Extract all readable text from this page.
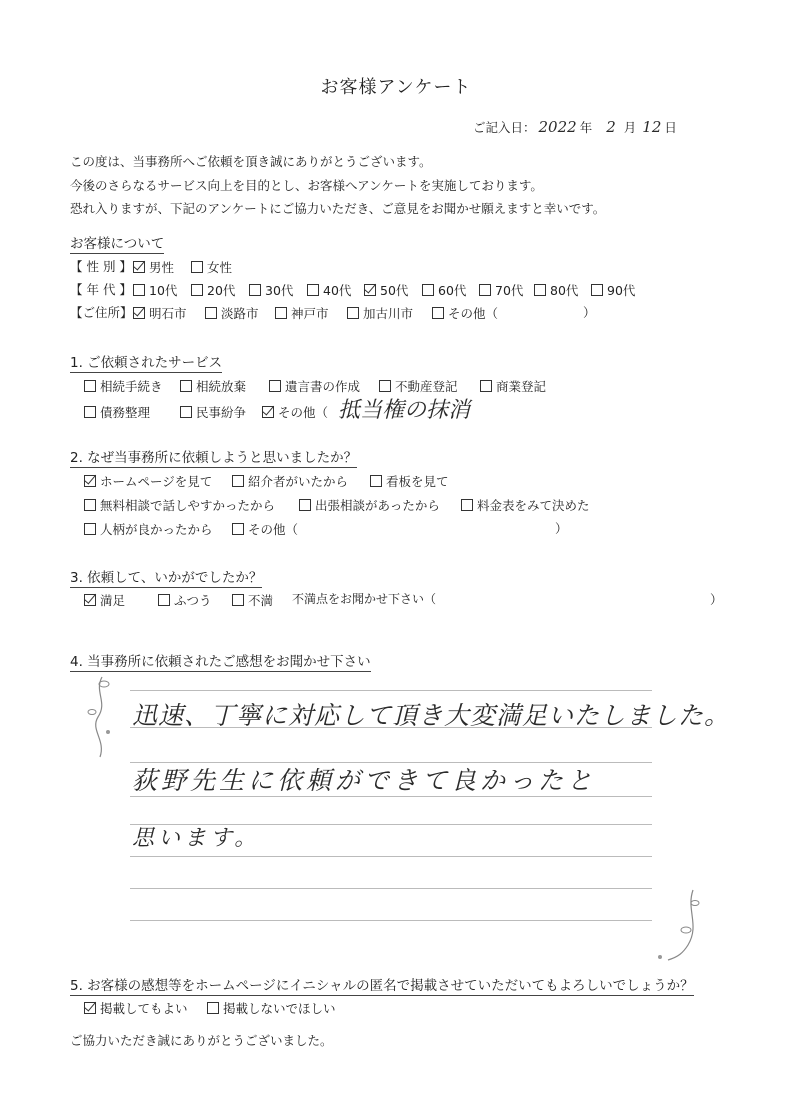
お客様アンケート
ご記入日： 2022 年 2 月 12 日
この度は、当事務所へご依頼を頂き誠にありがとうございます。
今後のさらなるサービス向上を目的とし、お客様へアンケートを実施しております。
恐れ入りますが、下記のアンケートにご協力いただき、ご意見をお聞かせ願えますと幸いです。
お客様について
【 性 別 】 男性	女性
【 年 代 】 10代 20代 30代 40代 50代 60代 70代 80代 90代
【ご住所】 明石市	淡路市	神戸市	加古川市	その他（	）
1. ご依頼されたサービス
相続手続き	相続放棄	遺言書の作成	不動産登記	商業登記
債務整理	民事紛争	その他（ 抵当権の抹消
2. なぜ当事務所に依頼しようと思いましたか？
ホームページを見て	紹介者がいたから	看板を見て
無料相談で話しやすかったから	出張相談があったから	料金表をみて決めた
人柄が良かったから	その他（	）
3. 依頼して、いかがでしたか？
満足	ふつう	不満 不満点をお聞かせ下さい（	）
4. 当事務所に依頼されたご感想をお聞かせ下さい
迅速、丁寧に対応して頂き大変満足いたしました。
荻野先生に依頼ができて良かったと
思います。
5. お客様の感想等をホームページにイニシャルの匿名で掲載させていただいてもよろしいでしょうか？
掲載してもよい	掲載しないでほしい
ご協力いただき誠にありがとうございました。
